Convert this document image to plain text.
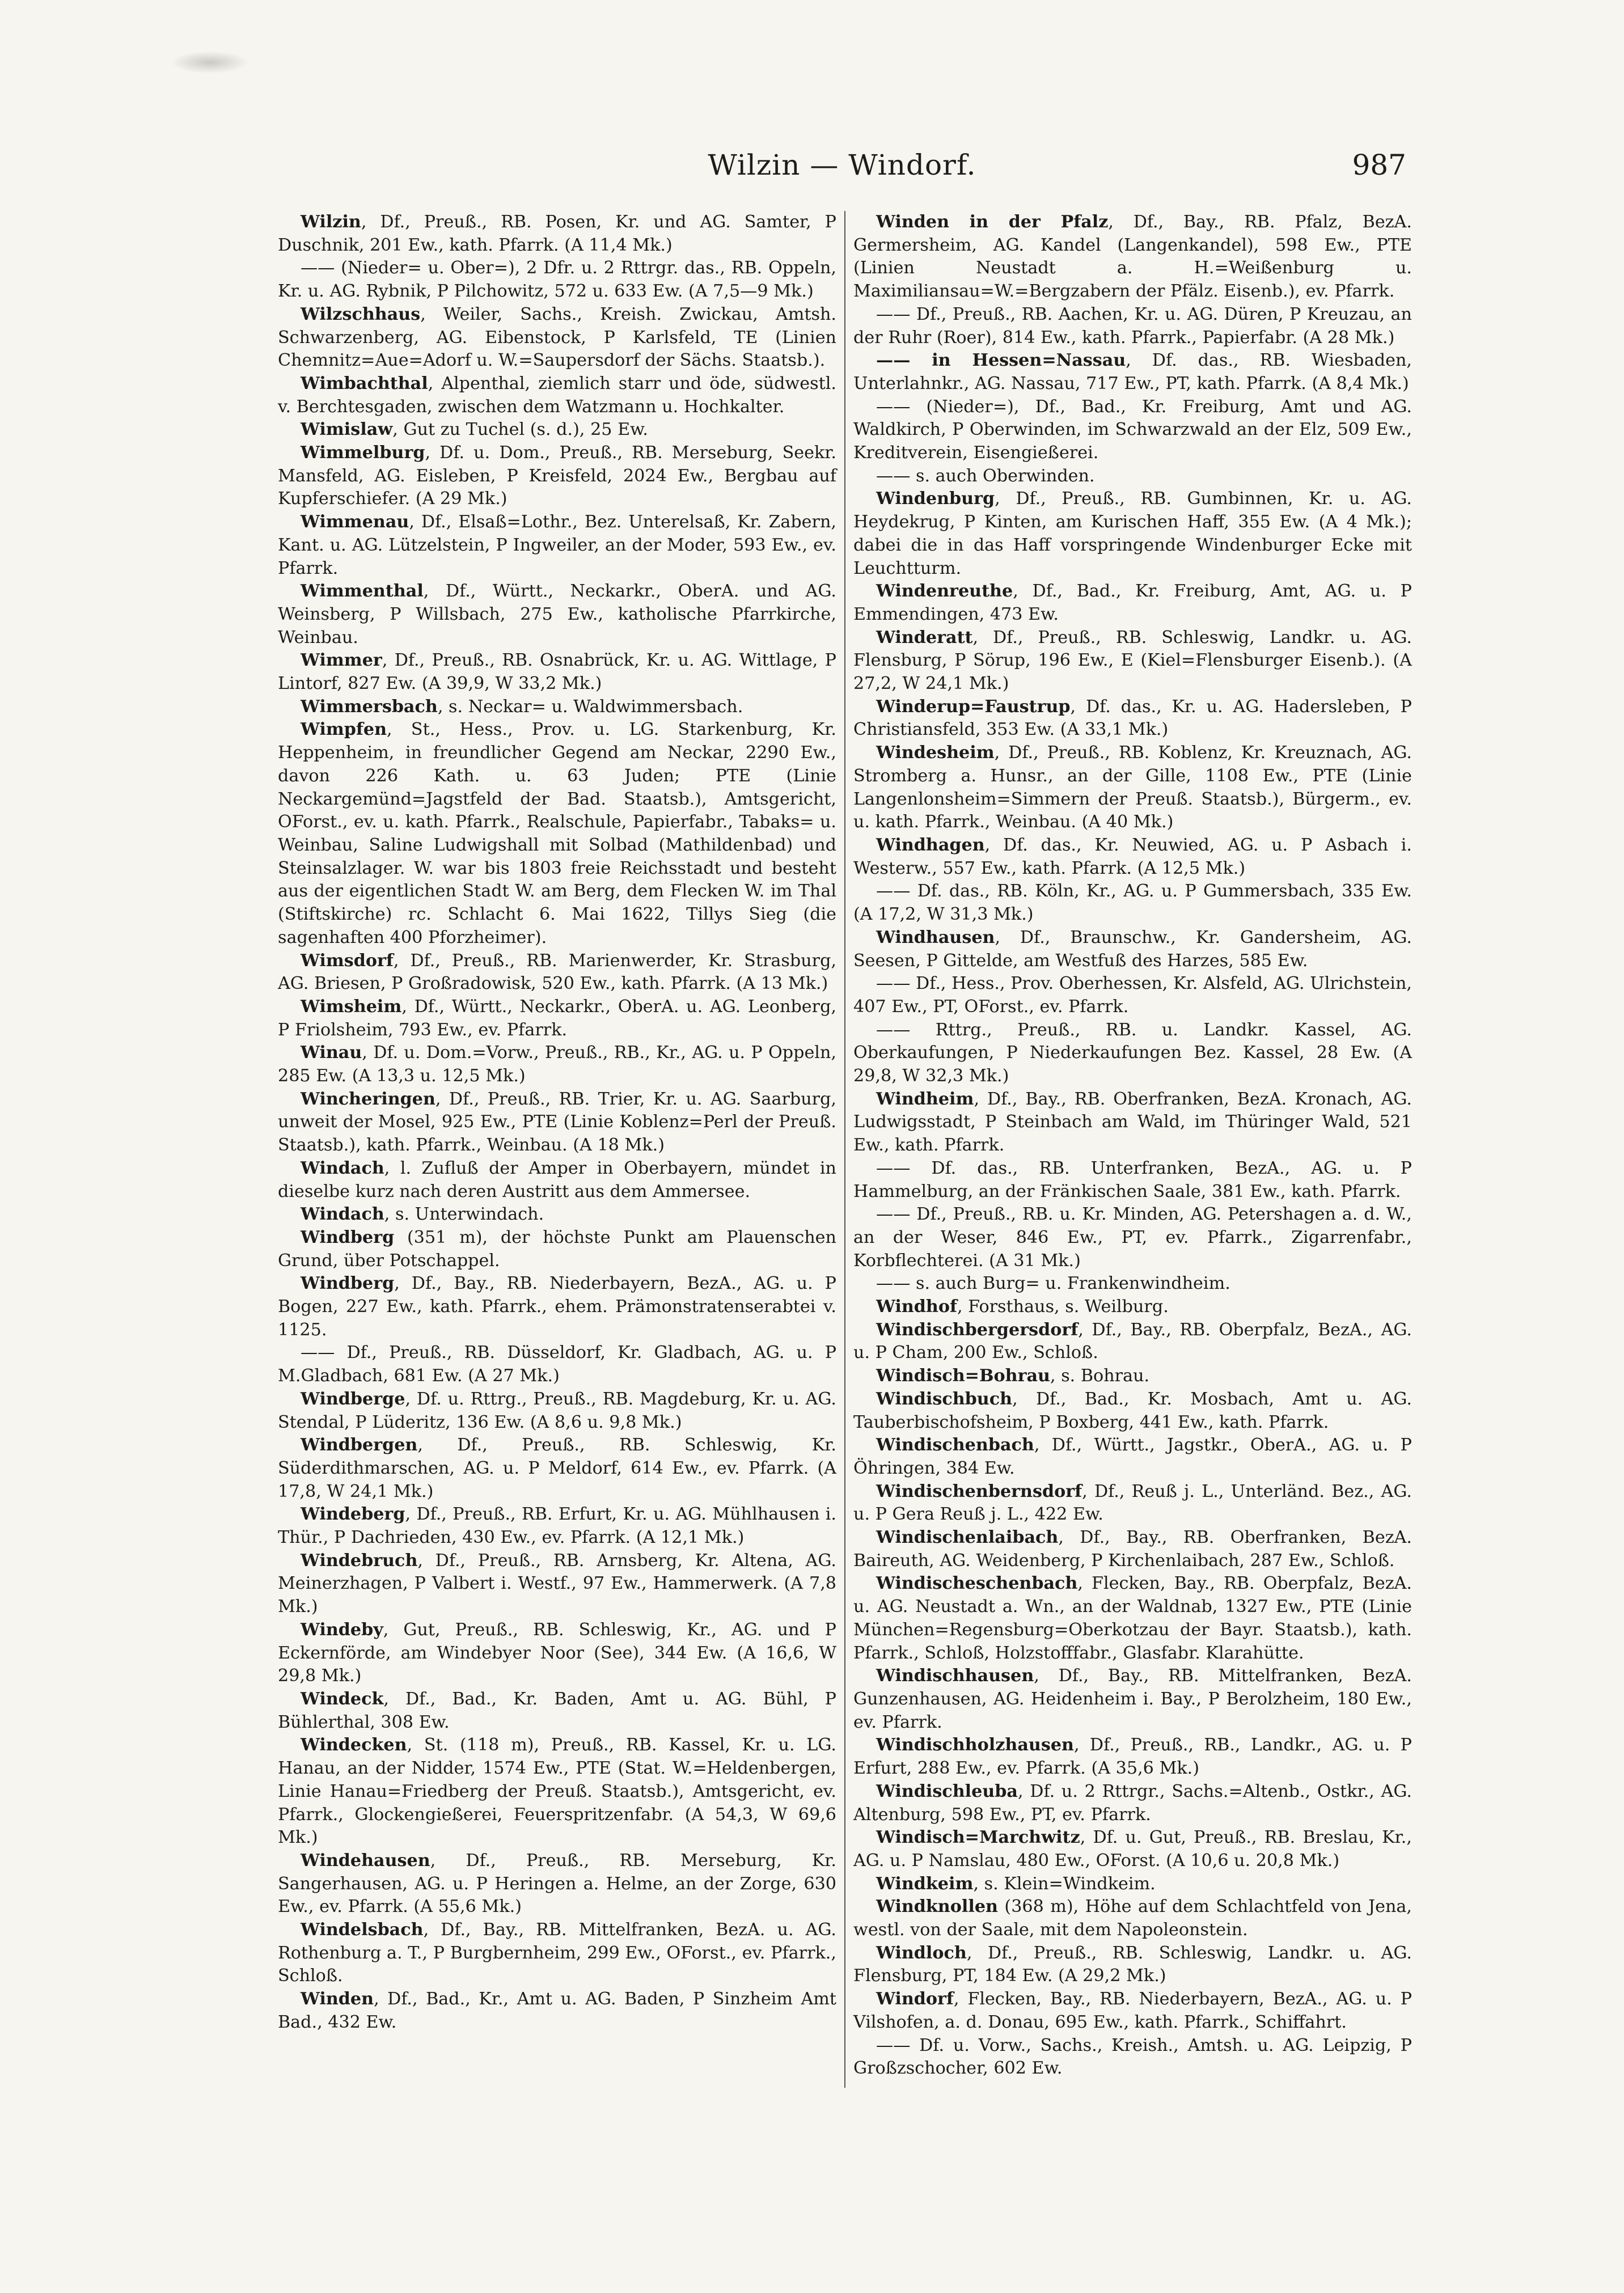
Wilzin — Windorf.	987

Wilzin, Df., Preuß., RB. Posen, Kr. und AG. Samter, P Duschnik, 201 Ew., kath. Pfarrk. (A 11,4 Mk.)

—— (Nieder= u. Ober=), 2 Dfr. u. 2 Rttrgr. das., RB. Oppeln, Kr. u. AG. Rybnik, P Pilchowitz, 572 u. 633 Ew. (A 7,5—9 Mk.)

Wilzschhaus, Weiler, Sachs., Kreish. Zwickau, Amtsh. Schwarzenberg, AG. Eibenstock, P Karlsfeld, TE (Linien Chemnitz=Aue=Adorf u. W.=Saupersdorf der Sächs. Staatsb.).

Wimbachthal, Alpenthal, ziemlich starr und öde, südwestl. v. Berchtesgaden, zwischen dem Watzmann u. Hochkalter.

Wimislaw, Gut zu Tuchel (s. d.), 25 Ew.

Wimmelburg, Df. u. Dom., Preuß., RB. Merseburg, Seekr. Mansfeld, AG. Eisleben, P Kreisfeld, 2024 Ew., Bergbau auf Kupferschiefer. (A 29 Mk.)

Wimmenau, Df., Elsaß=Lothr., Bez. Unterelsaß, Kr. Zabern, Kant. u. AG. Lützelstein, P Ingweiler, an der Moder, 593 Ew., ev. Pfarrk.

Wimmenthal, Df., Württ., Neckarkr., OberA. und AG. Weinsberg, P Willsbach, 275 Ew., katholische Pfarrkirche, Weinbau.

Wimmer, Df., Preuß., RB. Osnabrück, Kr. u. AG. Wittlage, P Lintorf, 827 Ew. (A 39,9, W 33,2 Mk.)

Wimmersbach, s. Neckar= u. Waldwimmersbach.

Wimpfen, St., Hess., Prov. u. LG. Starkenburg, Kr. Heppenheim, in freundlicher Gegend am Neckar, 2290 Ew., davon 226 Kath. u. 63 Juden; PTE (Linie Neckargemünd=Jagstfeld der Bad. Staatsb.), Amtsgericht, OForst., ev. u. kath. Pfarrk., Realschule, Papierfabr., Tabaks= u. Weinbau, Saline Ludwigshall mit Solbad (Mathildenbad) und Steinsalzlager. W. war bis 1803 freie Reichsstadt und besteht aus der eigentlichen Stadt W. am Berg, dem Flecken W. im Thal (Stiftskirche) rc. Schlacht 6. Mai 1622, Tillys Sieg (die sagenhaften 400 Pforzheimer).

Wimsdorf, Df., Preuß., RB. Marienwerder, Kr. Strasburg, AG. Briesen, P Großradowisk, 520 Ew., kath. Pfarrk. (A 13 Mk.)

Wimsheim, Df., Württ., Neckarkr., OberA. u. AG. Leonberg, P Friolsheim, 793 Ew., ev. Pfarrk.

Winau, Df. u. Dom.=Vorw., Preuß., RB., Kr., AG. u. P Oppeln, 285 Ew. (A 13,3 u. 12,5 Mk.)

Wincheringen, Df., Preuß., RB. Trier, Kr. u. AG. Saarburg, unweit der Mosel, 925 Ew., PTE (Linie Koblenz=Perl der Preuß. Staatsb.), kath. Pfarrk., Weinbau. (A 18 Mk.)

Windach, l. Zufluß der Amper in Oberbayern, mündet in dieselbe kurz nach deren Austritt aus dem Ammersee.

Windach, s. Unterwindach.

Windberg (351 m), der höchste Punkt am Plauenschen Grund, über Potschappel.

Windberg, Df., Bay., RB. Niederbayern, BezA., AG. u. P Bogen, 227 Ew., kath. Pfarrk., ehem. Prämonstratenserabtei v. 1125.

—— Df., Preuß., RB. Düsseldorf, Kr. Gladbach, AG. u. P M.Gladbach, 681 Ew. (A 27 Mk.)

Windberge, Df. u. Rttrg., Preuß., RB. Magdeburg, Kr. u. AG. Stendal, P Lüderitz, 136 Ew. (A 8,6 u. 9,8 Mk.)

Windbergen, Df., Preuß., RB. Schleswig, Kr. Süderdithmarschen, AG. u. P Meldorf, 614 Ew., ev. Pfarrk. (A 17,8, W 24,1 Mk.)

Windeberg, Df., Preuß., RB. Erfurt, Kr. u. AG. Mühlhausen i. Thür., P Dachrieden, 430 Ew., ev. Pfarrk. (A 12,1 Mk.)

Windebruch, Df., Preuß., RB. Arnsberg, Kr. Altena, AG. Meinerzhagen, P Valbert i. Westf., 97 Ew., Hammerwerk. (A 7,8 Mk.)

Windeby, Gut, Preuß., RB. Schleswig, Kr., AG. und P Eckernförde, am Windebyer Noor (See), 344 Ew. (A 16,6, W 29,8 Mk.)

Windeck, Df., Bad., Kr. Baden, Amt u. AG. Bühl, P Bühlerthal, 308 Ew.

Windecken, St. (118 m), Preuß., RB. Kassel, Kr. u. LG. Hanau, an der Nidder, 1574 Ew., PTE (Stat. W.=Heldenbergen, Linie Hanau=Friedberg der Preuß. Staatsb.), Amtsgericht, ev. Pfarrk., Glockengießerei, Feuerspritzenfabr. (A 54,3, W 69,6 Mk.)

Windehausen, Df., Preuß., RB. Merseburg, Kr. Sangerhausen, AG. u. P Heringen a. Helme, an der Zorge, 630 Ew., ev. Pfarrk. (A 55,6 Mk.)

Windelsbach, Df., Bay., RB. Mittelfranken, BezA. u. AG. Rothenburg a. T., P Burgbernheim, 299 Ew., OForst., ev. Pfarrk., Schloß.

Winden, Df., Bad., Kr., Amt u. AG. Baden, P Sinzheim Amt Bad., 432 Ew.

Winden in der Pfalz, Df., Bay., RB. Pfalz, BezA. Germersheim, AG. Kandel (Langenkandel), 598 Ew., PTE (Linien Neustadt a. H.=Weißenburg u. Maximiliansau=W.=Bergzabern der Pfälz. Eisenb.), ev. Pfarrk.

—— Df., Preuß., RB. Aachen, Kr. u. AG. Düren, P Kreuzau, an der Ruhr (Roer), 814 Ew., kath. Pfarrk., Papierfabr. (A 28 Mk.)

—— in Hessen=Nassau, Df. das., RB. Wiesbaden, Unterlahnkr., AG. Nassau, 717 Ew., PT, kath. Pfarrk. (A 8,4 Mk.)

—— (Nieder=), Df., Bad., Kr. Freiburg, Amt und AG. Waldkirch, P Oberwinden, im Schwarzwald an der Elz, 509 Ew., Kreditverein, Eisengießerei.

—— s. auch Oberwinden.

Windenburg, Df., Preuß., RB. Gumbinnen, Kr. u. AG. Heydekrug, P Kinten, am Kurischen Haff, 355 Ew. (A 4 Mk.); dabei die in das Haff vorspringende Windenburger Ecke mit Leuchtturm.

Windenreuthe, Df., Bad., Kr. Freiburg, Amt, AG. u. P Emmendingen, 473 Ew.

Winderatt, Df., Preuß., RB. Schleswig, Landkr. u. AG. Flensburg, P Sörup, 196 Ew., E (Kiel=Flensburger Eisenb.). (A 27,2, W 24,1 Mk.)

Winderup=Faustrup, Df. das., Kr. u. AG. Hadersleben, P Christiansfeld, 353 Ew. (A 33,1 Mk.)

Windesheim, Df., Preuß., RB. Koblenz, Kr. Kreuznach, AG. Stromberg a. Hunsr., an der Gille, 1108 Ew., PTE (Linie Langenlonsheim=Simmern der Preuß. Staatsb.), Bürgerm., ev. u. kath. Pfarrk., Weinbau. (A 40 Mk.)

Windhagen, Df. das., Kr. Neuwied, AG. u. P Asbach i. Westerw., 557 Ew., kath. Pfarrk. (A 12,5 Mk.)

—— Df. das., RB. Köln, Kr., AG. u. P Gummersbach, 335 Ew. (A 17,2, W 31,3 Mk.)

Windhausen, Df., Braunschw., Kr. Gandersheim, AG. Seesen, P Gittelde, am Westfuß des Harzes, 585 Ew.

—— Df., Hess., Prov. Oberhessen, Kr. Alsfeld, AG. Ulrichstein, 407 Ew., PT, OForst., ev. Pfarrk.

—— Rttrg., Preuß., RB. u. Landkr. Kassel, AG. Oberkaufungen, P Niederkaufungen Bez. Kassel, 28 Ew. (A 29,8, W 32,3 Mk.)

Windheim, Df., Bay., RB. Oberfranken, BezA. Kronach, AG. Ludwigsstadt, P Steinbach am Wald, im Thüringer Wald, 521 Ew., kath. Pfarrk.

—— Df. das., RB. Unterfranken, BezA., AG. u. P Hammelburg, an der Fränkischen Saale, 381 Ew., kath. Pfarrk.

—— Df., Preuß., RB. u. Kr. Minden, AG. Petershagen a. d. W., an der Weser, 846 Ew., PT, ev. Pfarrk., Zigarrenfabr., Korbflechterei. (A 31 Mk.)

—— s. auch Burg= u. Frankenwindheim.

Windhof, Forsthaus, s. Weilburg.

Windischbergersdorf, Df., Bay., RB. Oberpfalz, BezA., AG. u. P Cham, 200 Ew., Schloß.

Windisch=Bohrau, s. Bohrau.

Windischbuch, Df., Bad., Kr. Mosbach, Amt u. AG. Tauberbischofsheim, P Boxberg, 441 Ew., kath. Pfarrk.

Windischenbach, Df., Württ., Jagstkr., OberA., AG. u. P Öhringen, 384 Ew.

Windischenbernsdorf, Df., Reuß j. L., Unterländ. Bez., AG. u. P Gera Reuß j. L., 422 Ew.

Windischenlaibach, Df., Bay., RB. Oberfranken, BezA. Baireuth, AG. Weidenberg, P Kirchenlaibach, 287 Ew., Schloß.

Windischeschenbach, Flecken, Bay., RB. Oberpfalz, BezA. u. AG. Neustadt a. Wn., an der Waldnab, 1327 Ew., PTE (Linie München=Regensburg=Oberkotzau der Bayr. Staatsb.), kath. Pfarrk., Schloß, Holzstofffabr., Glasfabr. Klarahütte.

Windischhausen, Df., Bay., RB. Mittelfranken, BezA. Gunzenhausen, AG. Heidenheim i. Bay., P Berolzheim, 180 Ew., ev. Pfarrk.

Windischholzhausen, Df., Preuß., RB., Landkr., AG. u. P Erfurt, 288 Ew., ev. Pfarrk. (A 35,6 Mk.)

Windischleuba, Df. u. 2 Rttrgr., Sachs.=Altenb., Ostkr., AG. Altenburg, 598 Ew., PT, ev. Pfarrk.

Windisch=Marchwitz, Df. u. Gut, Preuß., RB. Breslau, Kr., AG. u. P Namslau, 480 Ew., OForst. (A 10,6 u. 20,8 Mk.)

Windkeim, s. Klein=Windkeim.

Windknollen (368 m), Höhe auf dem Schlachtfeld von Jena, westl. von der Saale, mit dem Napoleonstein.

Windloch, Df., Preuß., RB. Schleswig, Landkr. u. AG. Flensburg, PT, 184 Ew. (A 29,2 Mk.)

Windorf, Flecken, Bay., RB. Niederbayern, BezA., AG. u. P Vilshofen, a. d. Donau, 695 Ew., kath. Pfarrk., Schiffahrt.

—— Df. u. Vorw., Sachs., Kreish., Amtsh. u. AG. Leipzig, P Großzschocher, 602 Ew.
